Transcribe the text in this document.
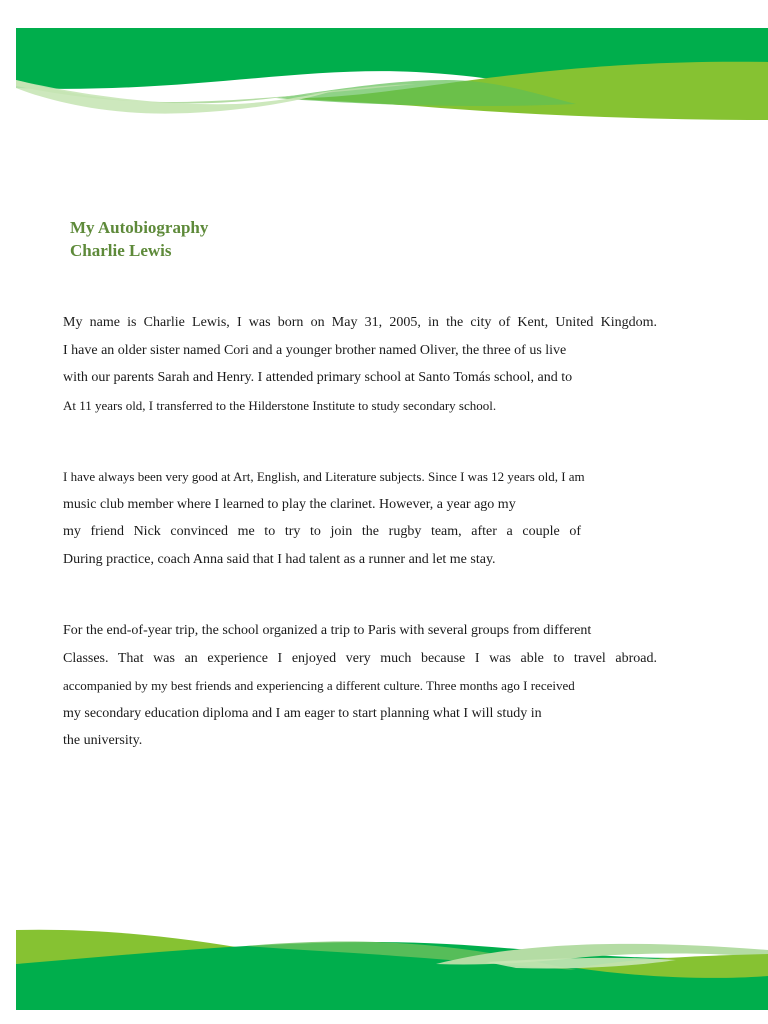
My Autobiography
Charlie Lewis
My name is Charlie Lewis, I was born on May 31, 2005, in the city of Kent, United Kingdom.
I have an older sister named Cori and a younger brother named Oliver, the three of us live
with our parents Sarah and Henry. I attended primary school at Santo Tomás school, and to
At 11 years old, I transferred to the Hilderstone Institute to study secondary school.
I have always been very good at Art, English, and Literature subjects. Since I was 12 years old, I am
music club member where I learned to play the clarinet. However, a year ago my
my friend Nick convinced me to try to join the rugby team, after a couple of
During practice, coach Anna said that I had talent as a runner and let me stay.
For the end-of-year trip, the school organized a trip to Paris with several groups from different
Classes. That was an experience I enjoyed very much because I was able to travel abroad.
accompanied by my best friends and experiencing a different culture. Three months ago I received
my secondary education diploma and I am eager to start planning what I will study in
the university.
